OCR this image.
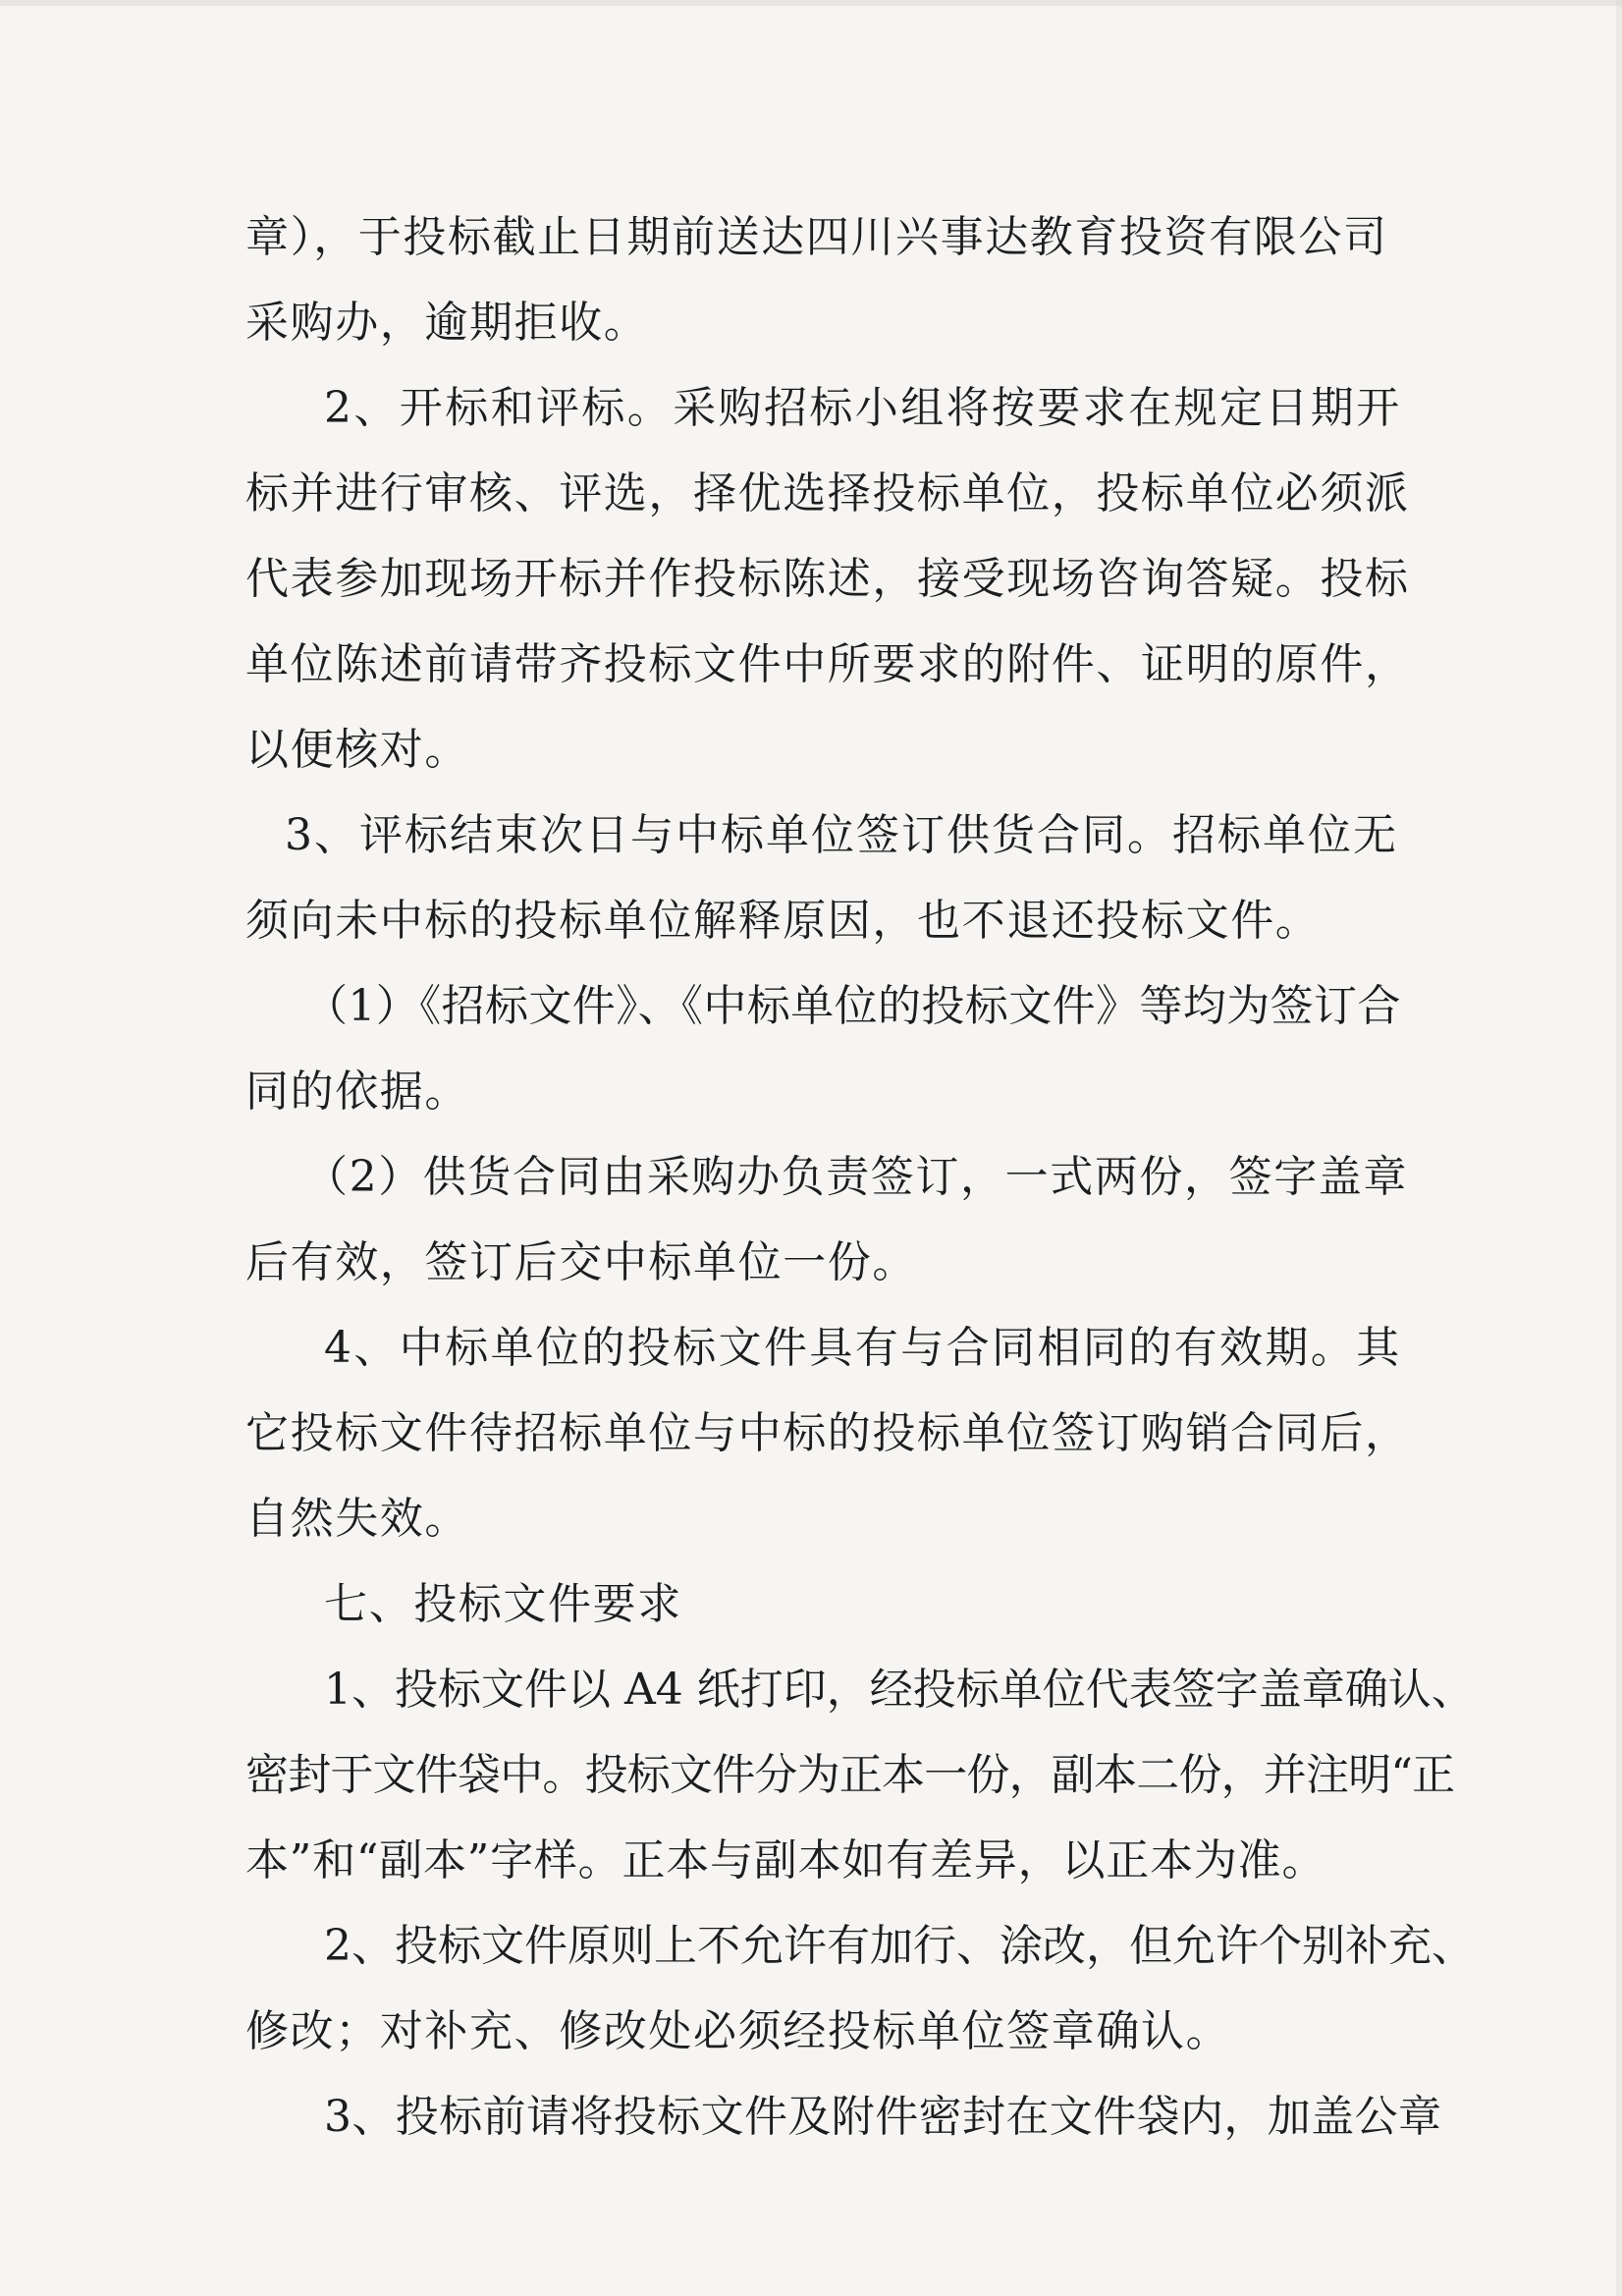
章），于投标截止日期前送达四川兴事达教育投资有限公司
采购办，逾期拒收。
2、开标和评标。采购招标小组将按要求在规定日期开
标并进行审核、评选，择优选择投标单位，投标单位必须派
代表参加现场开标并作投标陈述，接受现场咨询答疑。投标
单位陈述前请带齐投标文件中所要求的附件、证明的原件，
以便核对。
3、评标结束次日与中标单位签订供货合同。招标单位无
须向未中标的投标单位解释原因，也不退还投标文件。
（1）《招标文件》、《中标单位的投标文件》等均为签订合
同的依据。
（2）供货合同由采购办负责签订，一式两份，签字盖章
后有效，签订后交中标单位一份。
4、中标单位的投标文件具有与合同相同的有效期。其
它投标文件待招标单位与中标的投标单位签订购销合同后，
自然失效。
七、投标文件要求
1、投标文件以 A4 纸打印，经投标单位代表签字盖章确认、
密封于文件袋中。投标文件分为正本一份，副本二份，并注明“正
本”和“副本”字样。正本与副本如有差异，以正本为准。
2、投标文件原则上不允许有加行、涂改，但允许个别补充、
修改；对补充、修改处必须经投标单位签章确认。
3、投标前请将投标文件及附件密封在文件袋内，加盖公章
